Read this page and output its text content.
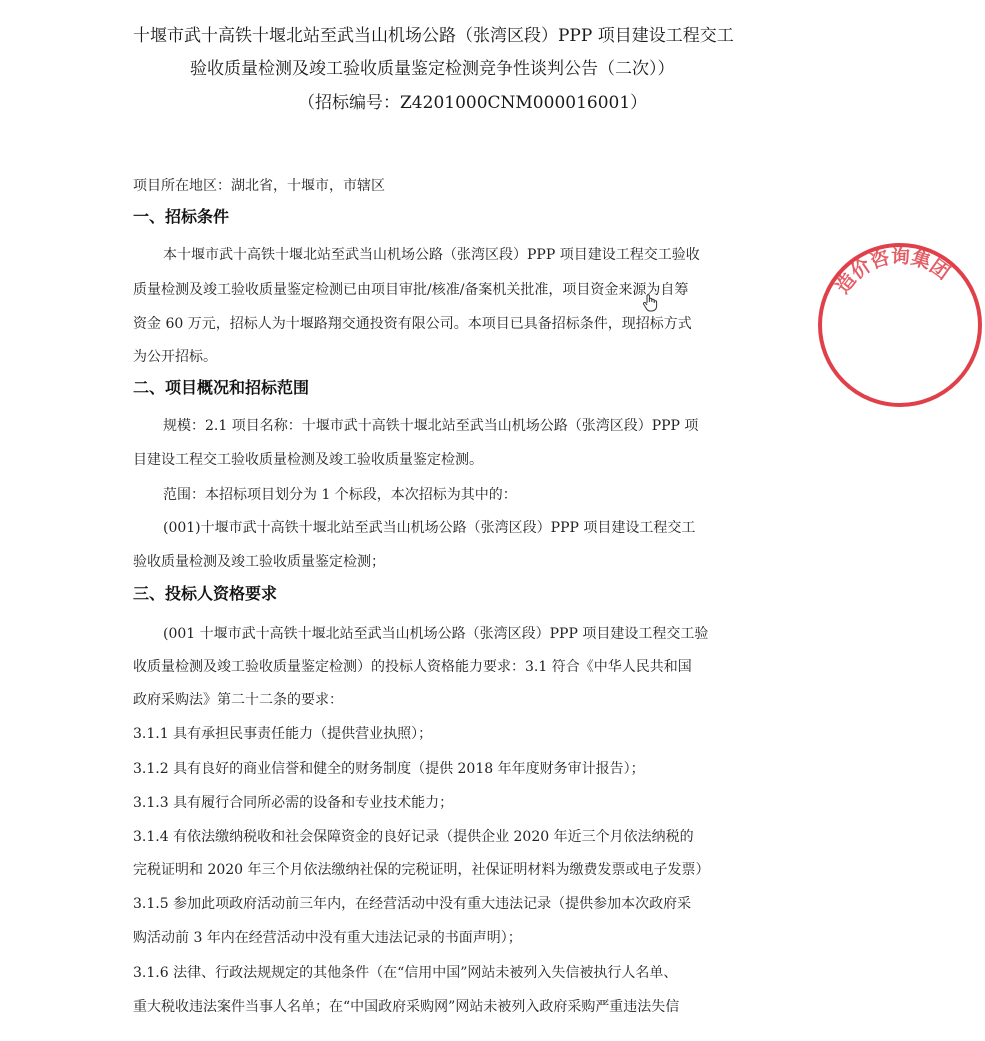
十堰市武十高铁十堰北站至武当山机场公路（张湾区段）PPP 项目建设工程交工
验收质量检测及竣工验收质量鉴定检测竞争性谈判公告（二次））
（招标编号：Z4201000CNM000016001）
项目所在地区：湖北省，十堰市，市辖区
一、招标条件
本十堰市武十高铁十堰北站至武当山机场公路（张湾区段）PPP 项目建设工程交工验收
质量检测及竣工验收质量鉴定检测已由项目审批/核准/备案机关批准，项目资金来源为自筹
资金 60 万元，招标人为十堰路翔交通投资有限公司。本项目已具备招标条件，现招标方式
为公开招标。
二、项目概况和招标范围
规模：2.1 项目名称：十堰市武十高铁十堰北站至武当山机场公路（张湾区段）PPP 项
目建设工程交工验收质量检测及竣工验收质量鉴定检测。
范围：本招标项目划分为 1 个标段，本次招标为其中的：
(001)十堰市武十高铁十堰北站至武当山机场公路（张湾区段）PPP 项目建设工程交工
验收质量检测及竣工验收质量鉴定检测；
三、投标人资格要求
(001 十堰市武十高铁十堰北站至武当山机场公路（张湾区段）PPP 项目建设工程交工验
收质量检测及竣工验收质量鉴定检测）的投标人资格能力要求：3.1 符合《中华人民共和国
政府采购法》第二十二条的要求：
3.1.1 具有承担民事责任能力（提供营业执照）；
3.1.2 具有良好的商业信誉和健全的财务制度（提供 2018 年年度财务审计报告）；
3.1.3 具有履行合同所必需的设备和专业技术能力；
3.1.4 有依法缴纳税收和社会保障资金的良好记录（提供企业 2020 年近三个月依法纳税的
完税证明和 2020 年三个月依法缴纳社保的完税证明，社保证明材料为缴费发票或电子发票）
3.1.5 参加此项政府活动前三年内，在经营活动中没有重大违法记录（提供参加本次政府采
购活动前 3 年内在经营活动中没有重大违法记录的书面声明）；
3.1.6 法律、行政法规规定的其他条件（在“信用中国”网站未被列入失信被执行人名单、
重大税收违法案件当事人名单；在“中国政府采购网”网站未被列入政府采购严重违法失信
造价咨询集团
